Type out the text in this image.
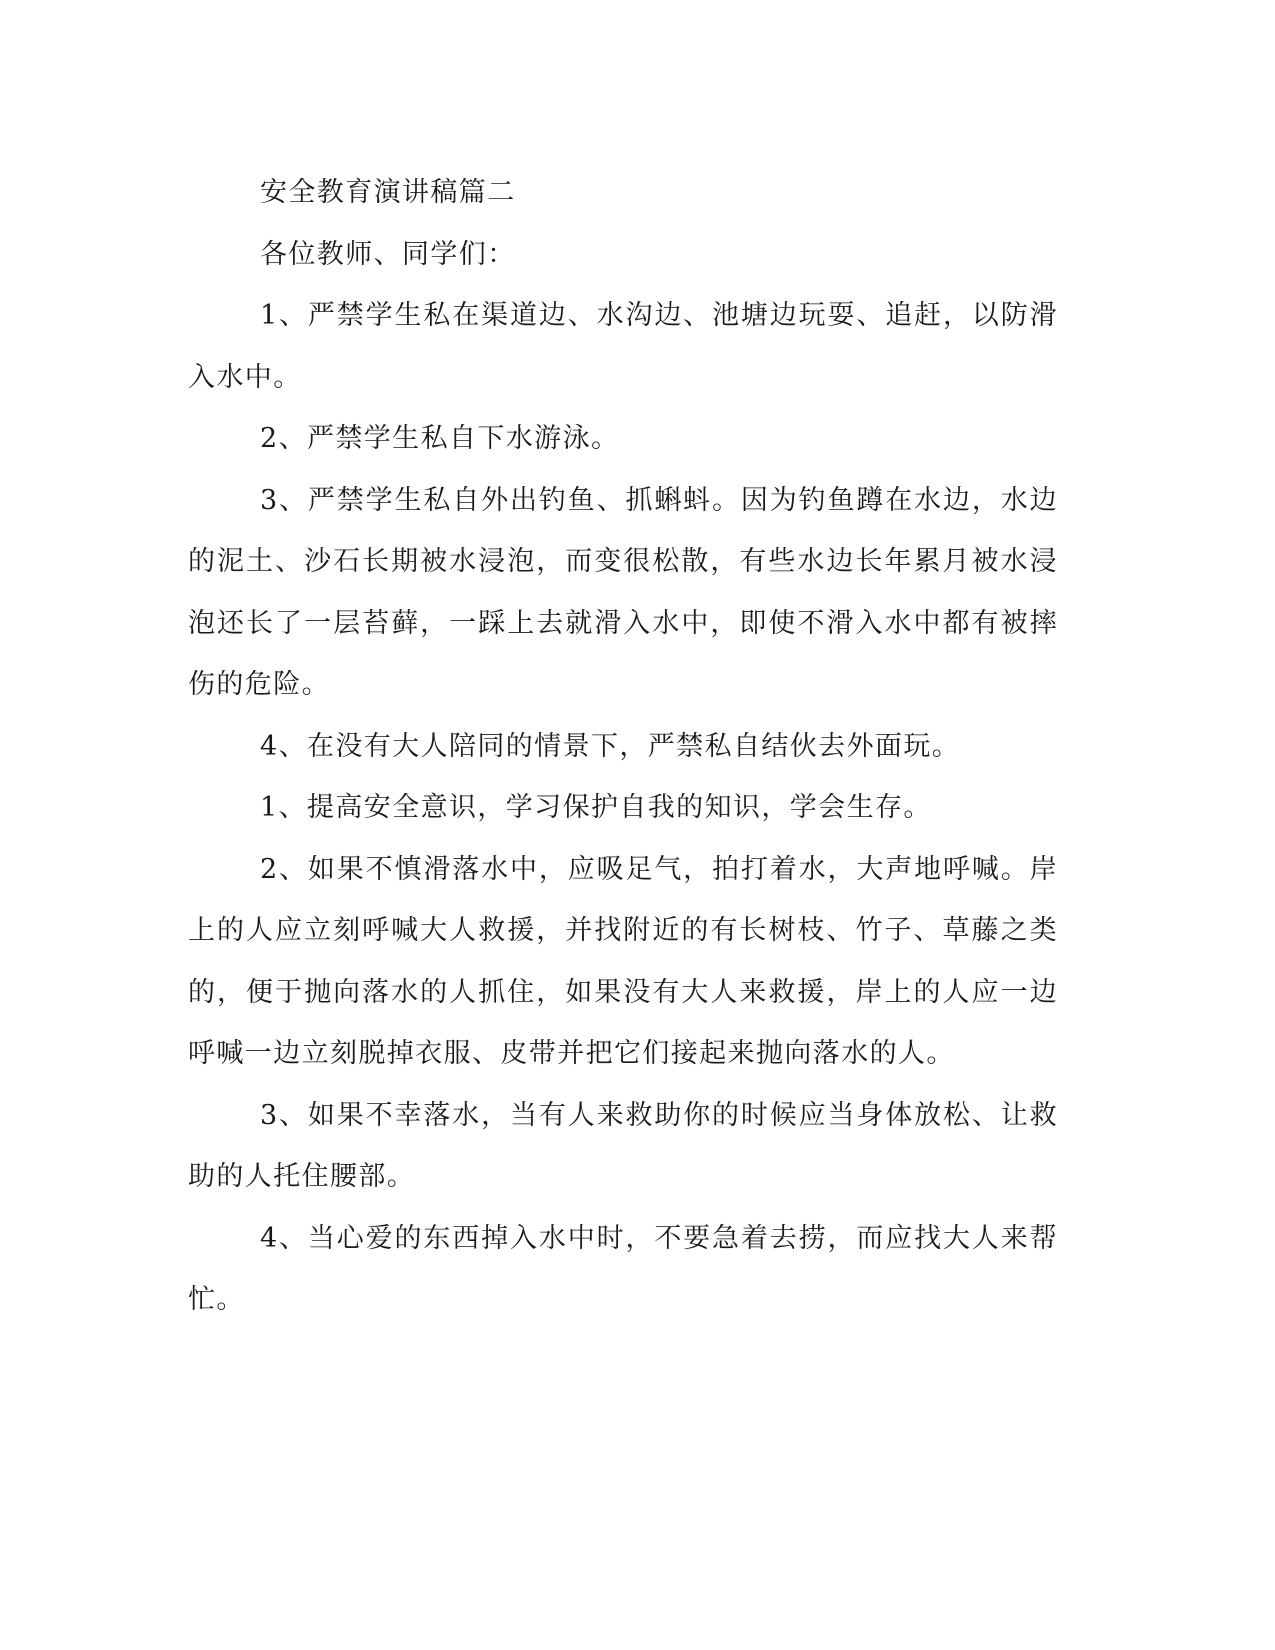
安全教育演讲稿篇二

各位教师、同学们：

1、严禁学生私在渠道边、水沟边、池塘边玩耍、追赶，以防滑入水中。

2、严禁学生私自下水游泳。

3、严禁学生私自外出钓鱼、抓蝌蚪。因为钓鱼蹲在水边，水边的泥土、沙石长期被水浸泡，而变很松散，有些水边长年累月被水浸泡还长了一层苔藓，一踩上去就滑入水中，即使不滑入水中都有被摔伤的危险。

4、在没有大人陪同的情景下，严禁私自结伙去外面玩。

1、提高安全意识，学习保护自我的知识，学会生存。

2、如果不慎滑落水中，应吸足气，拍打着水，大声地呼喊。岸上的人应立刻呼喊大人救援，并找附近的有长树枝、竹子、草藤之类的，便于抛向落水的人抓住，如果没有大人来救援，岸上的人应一边呼喊一边立刻脱掉衣服、皮带并把它们接起来抛向落水的人。

3、如果不幸落水，当有人来救助你的时候应当身体放松、让救助的人托住腰部。

4、当心爱的东西掉入水中时，不要急着去捞，而应找大人来帮忙。
